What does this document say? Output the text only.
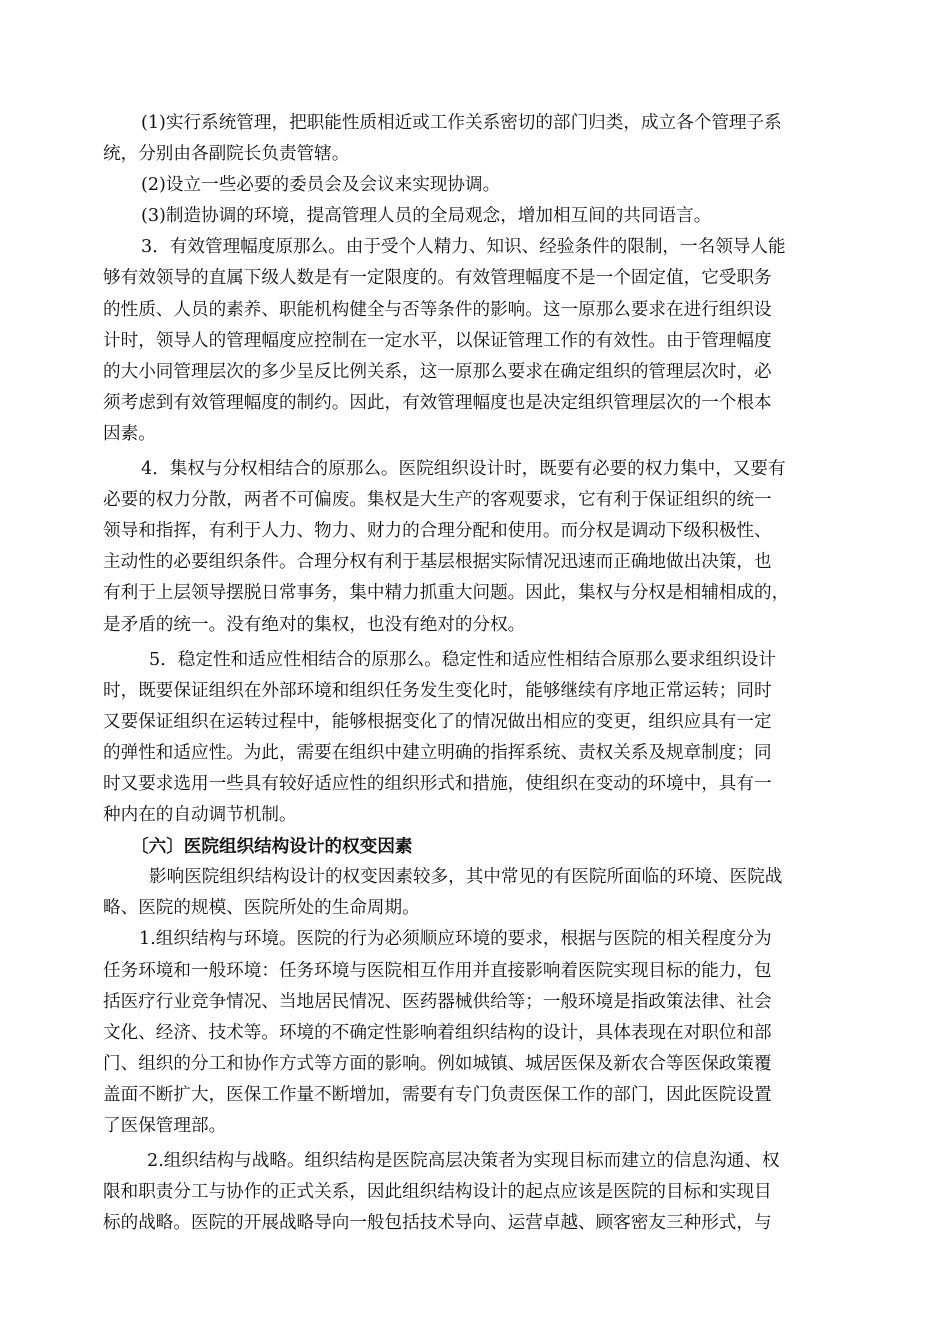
(1)实行系统管理，把职能性质相近或工作关系密切的部门归类，成立各个管理子系
统，分别由各副院长负责管辖。
(2)设立一些必要的委员会及会议来实现协调。
(3)制造协调的环境，提高管理人员的全局观念，增加相互间的共同语言。
3．有效管理幅度原那么。由于受个人精力、知识、经验条件的限制，一名领导人能
够有效领导的直属下级人数是有一定限度的。有效管理幅度不是一个固定值，它受职务
的性质、人员的素养、职能机构健全与否等条件的影响。这一原那么要求在进行组织设
计时，领导人的管理幅度应控制在一定水平，以保证管理工作的有效性。由于管理幅度
的大小同管理层次的多少呈反比例关系，这一原那么要求在确定组织的管理层次时，必
须考虑到有效管理幅度的制约。因此，有效管理幅度也是决定组织管理层次的一个根本
因素。
4．集权与分权相结合的原那么。医院组织设计时，既要有必要的权力集中，又要有
必要的权力分散，两者不可偏废。集权是大生产的客观要求，它有利于保证组织的统一
领导和指挥，有利于人力、物力、财力的合理分配和使用。而分权是调动下级积极性、
主动性的必要组织条件。合理分权有利于基层根据实际情况迅速而正确地做出决策，也
有利于上层领导摆脱日常事务，集中精力抓重大问题。因此，集权与分权是相辅相成的，
是矛盾的统一。没有绝对的集权，也没有绝对的分权。
5．稳定性和适应性相结合的原那么。稳定性和适应性相结合原那么要求组织设计
时，既要保证组织在外部环境和组织任务发生变化时，能够继续有序地正常运转；同时
又要保证组织在运转过程中，能够根据变化了的情况做出相应的变更，组织应具有一定
的弹性和适应性。为此，需要在组织中建立明确的指挥系统、责权关系及规章制度；同
时又要求选用一些具有较好适应性的组织形式和措施，使组织在变动的环境中，具有一
种内在的自动调节机制。
〔六〕医院组织结构设计的权变因素
影响医院组织结构设计的权变因素较多，其中常见的有医院所面临的环境、医院战
略、医院的规模、医院所处的生命周期。
1.组织结构与环境。医院的行为必须顺应环境的要求，根据与医院的相关程度分为
任务环境和一般环境：任务环境与医院相互作用并直接影响着医院实现目标的能力，包
括医疗行业竞争情况、当地居民情况、医药器械供给等；一般环境是指政策法律、社会
文化、经济、技术等。环境的不确定性影响着组织结构的设计，具体表现在对职位和部
门、组织的分工和协作方式等方面的影响。例如城镇、城居医保及新农合等医保政策覆
盖面不断扩大，医保工作量不断增加，需要有专门负责医保工作的部门，因此医院设置
了医保管理部。
2.组织结构与战略。组织结构是医院高层决策者为实现目标而建立的信息沟通、权
限和职责分工与协作的正式关系，因此组织结构设计的起点应该是医院的目标和实现目
标的战略。医院的开展战略导向一般包括技术导向、运营卓越、顾客密友三种形式，与
